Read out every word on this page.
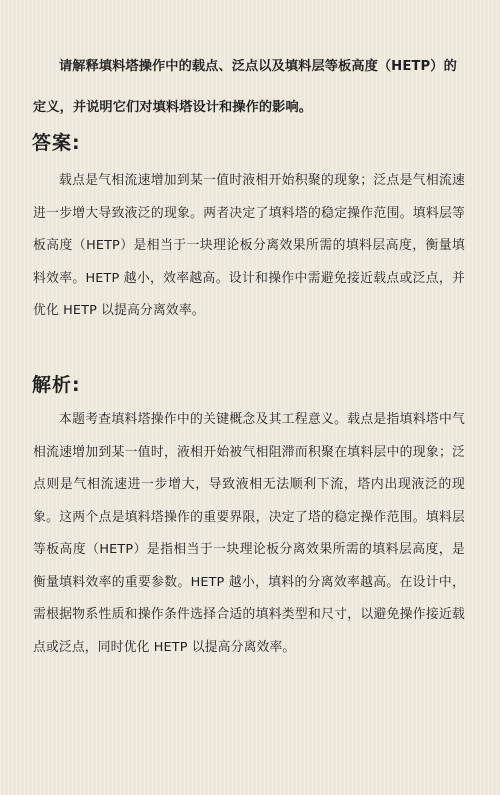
请解释填料塔操作中的载点、泛点以及填料层等板高度（HETP）的定义，并说明它们对填料塔设计和操作的影响。
答案:
载点是气相流速增加到某一值时液相开始积聚的现象；泛点是气相流速进一步增大导致液泛的现象。两者决定了填料塔的稳定操作范围。填料层等板高度（HETP）是相当于一块理论板分离效果所需的填料层高度，衡量填料效率。HETP 越小，效率越高。设计和操作中需避免接近载点或泛点，并优化 HETP 以提高分离效率。
解析:
本题考查填料塔操作中的关键概念及其工程意义。载点是指填料塔中气相流速增加到某一值时，液相开始被气相阻滞而积聚在填料层中的现象；泛点则是气相流速进一步增大，导致液相无法顺利下流，塔内出现液泛的现象。这两个点是填料塔操作的重要界限，决定了塔的稳定操作范围。填料层等板高度（HETP）是指相当于一块理论板分离效果所需的填料层高度，是衡量填料效率的重要参数。HETP 越小，填料的分离效率越高。在设计中，需根据物系性质和操作条件选择合适的填料类型和尺寸，以避免操作接近载点或泛点，同时优化 HETP 以提高分离效率。
